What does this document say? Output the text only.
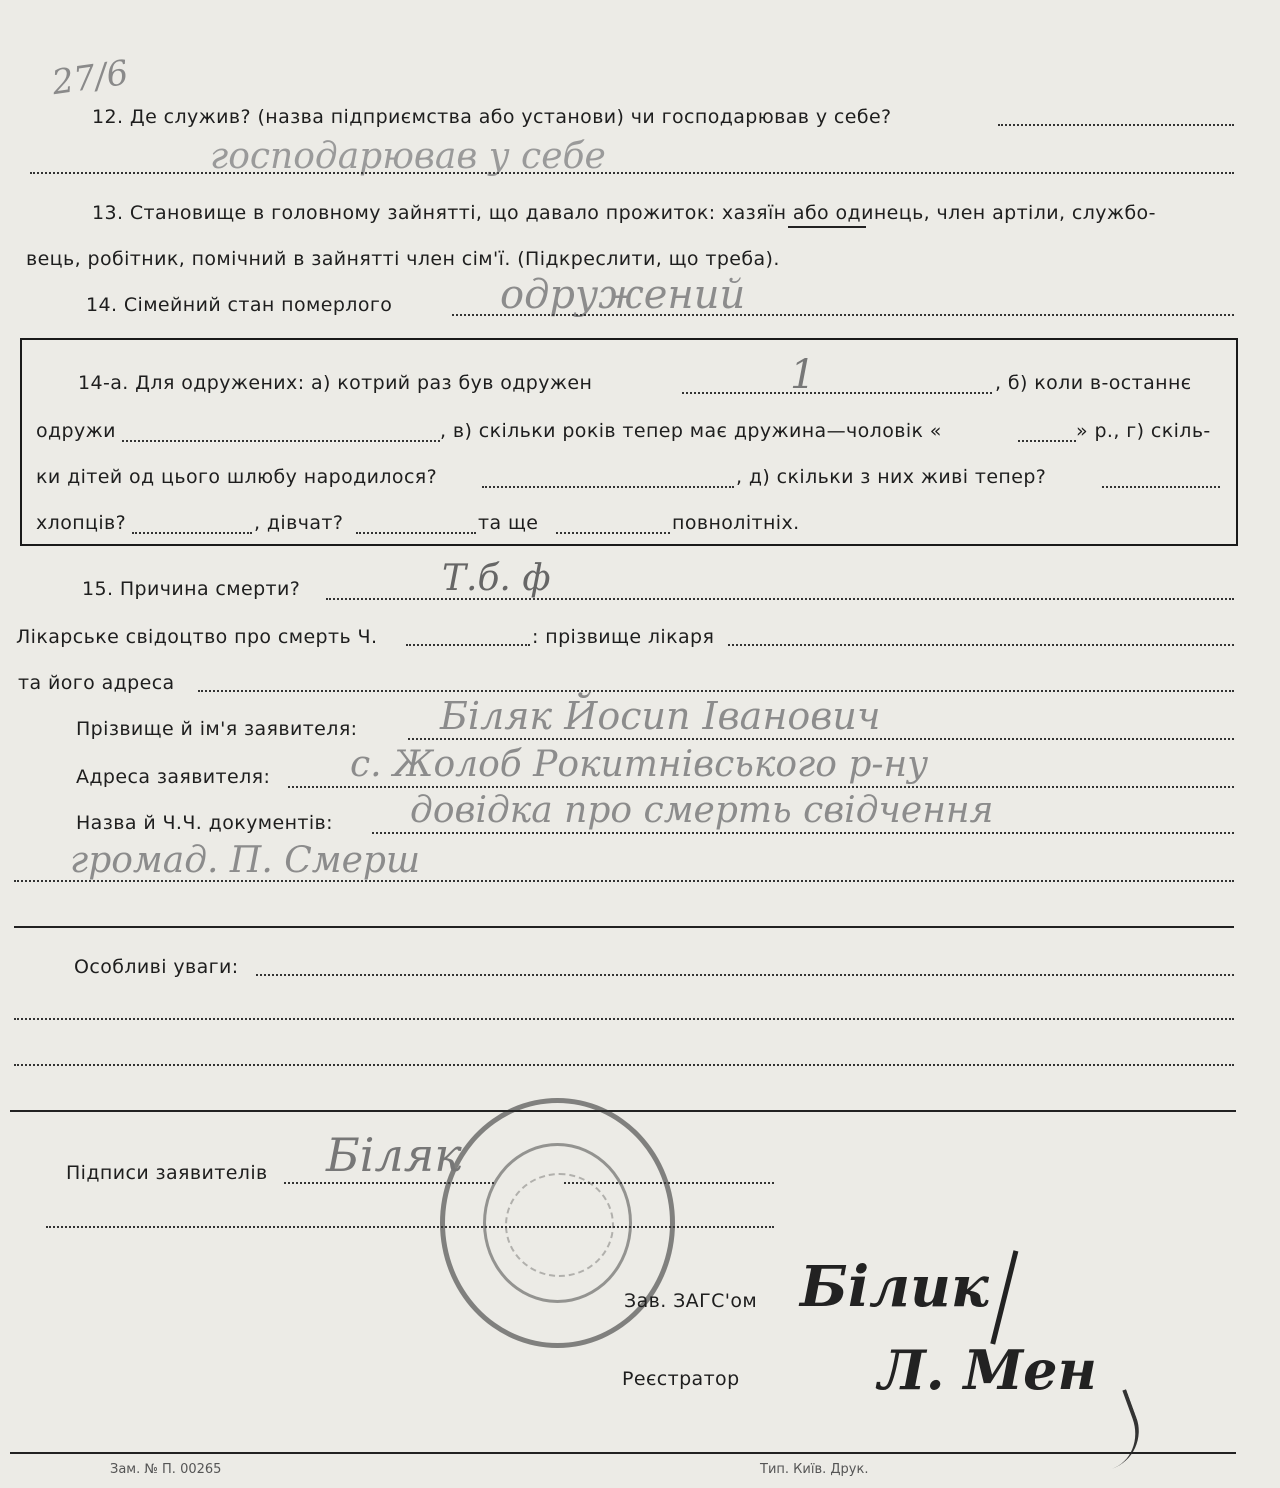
27/6
12. Де служив? (назва підприємства або установи) чи господарював у себе?
господарював у себе
13. Становище в головному зайнятті, що давало прожиток: хазяїн або одинець, член артіли, службо-
вець, робітник, помічний в зайнятті член сім'ї. (Підкреслити, що треба).
14. Сімейний стан померлого	одружений
14-а. Для одружених: а) котрий раз був одружен	1	, б) коли в-останнє
одружи	, в) скільки років тепер має дружина—чоловік «	» р., г) скіль-
ки дітей од цього шлюбу народилося?	, д) скільки з них живі тепер?
хлопців?	, дівчат?	та ще	повнолітніх.
15. Причина смерти?	Т.б. ф
Лікарське свідоцтво про смерть Ч.	: прізвище лікаря
та його адреса
Прізвище й ім'я заявителя: Біляк Йосип Іванович
Адреса заявителя: с. Жолоб Рокитнівського р-ну
Назва й Ч.Ч. документів: довідка про смерть свідчення
громад. П. Смерш
Особливі уваги:
Підписи заявителів Біляк
Зав. ЗАГС'ом Білик
Реєстратор	Л. Мен
Зам. № П. 00265	Тип. Київ. Друк.
